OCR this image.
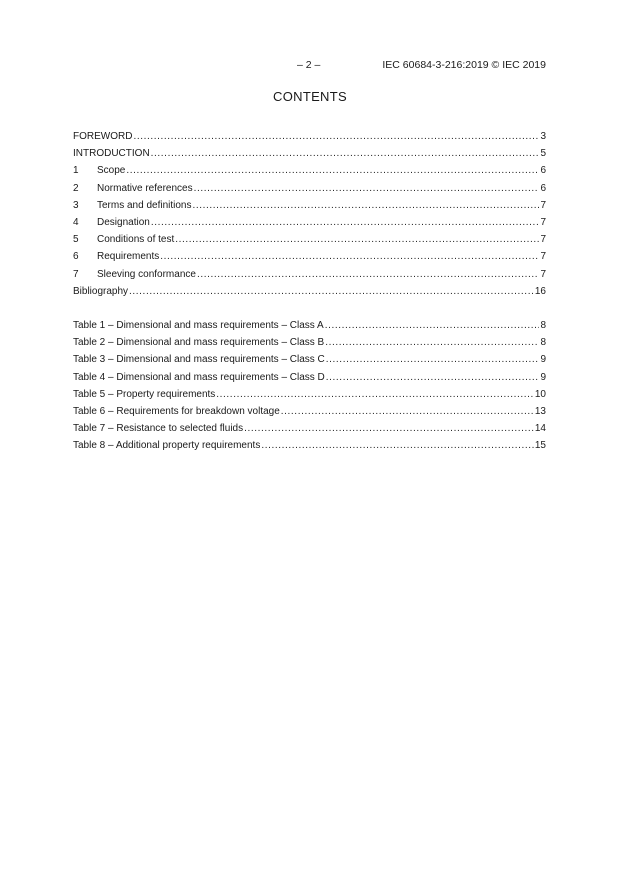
– 2 –	IEC 60684-3-216:2019 © IEC 2019
CONTENTS
FOREWORD .....	3
INTRODUCTION .....	5
1	Scope .....	6
2	Normative references .....	6
3	Terms and definitions .....	7
4	Designation .....	7
5	Conditions of test .....	7
6	Requirements .....	7
7	Sleeving conformance .....	7
Bibliography .....	16
Table 1 – Dimensional and mass requirements – Class A .....	8
Table 2 – Dimensional and mass requirements – Class B .....	8
Table 3 – Dimensional and mass requirements – Class C .....	9
Table 4 – Dimensional and mass requirements – Class D .....	9
Table 5 – Property requirements .....	10
Table 6 – Requirements for breakdown voltage .....	13
Table 7 – Resistance to selected fluids .....	14
Table 8 – Additional property requirements .....	15
